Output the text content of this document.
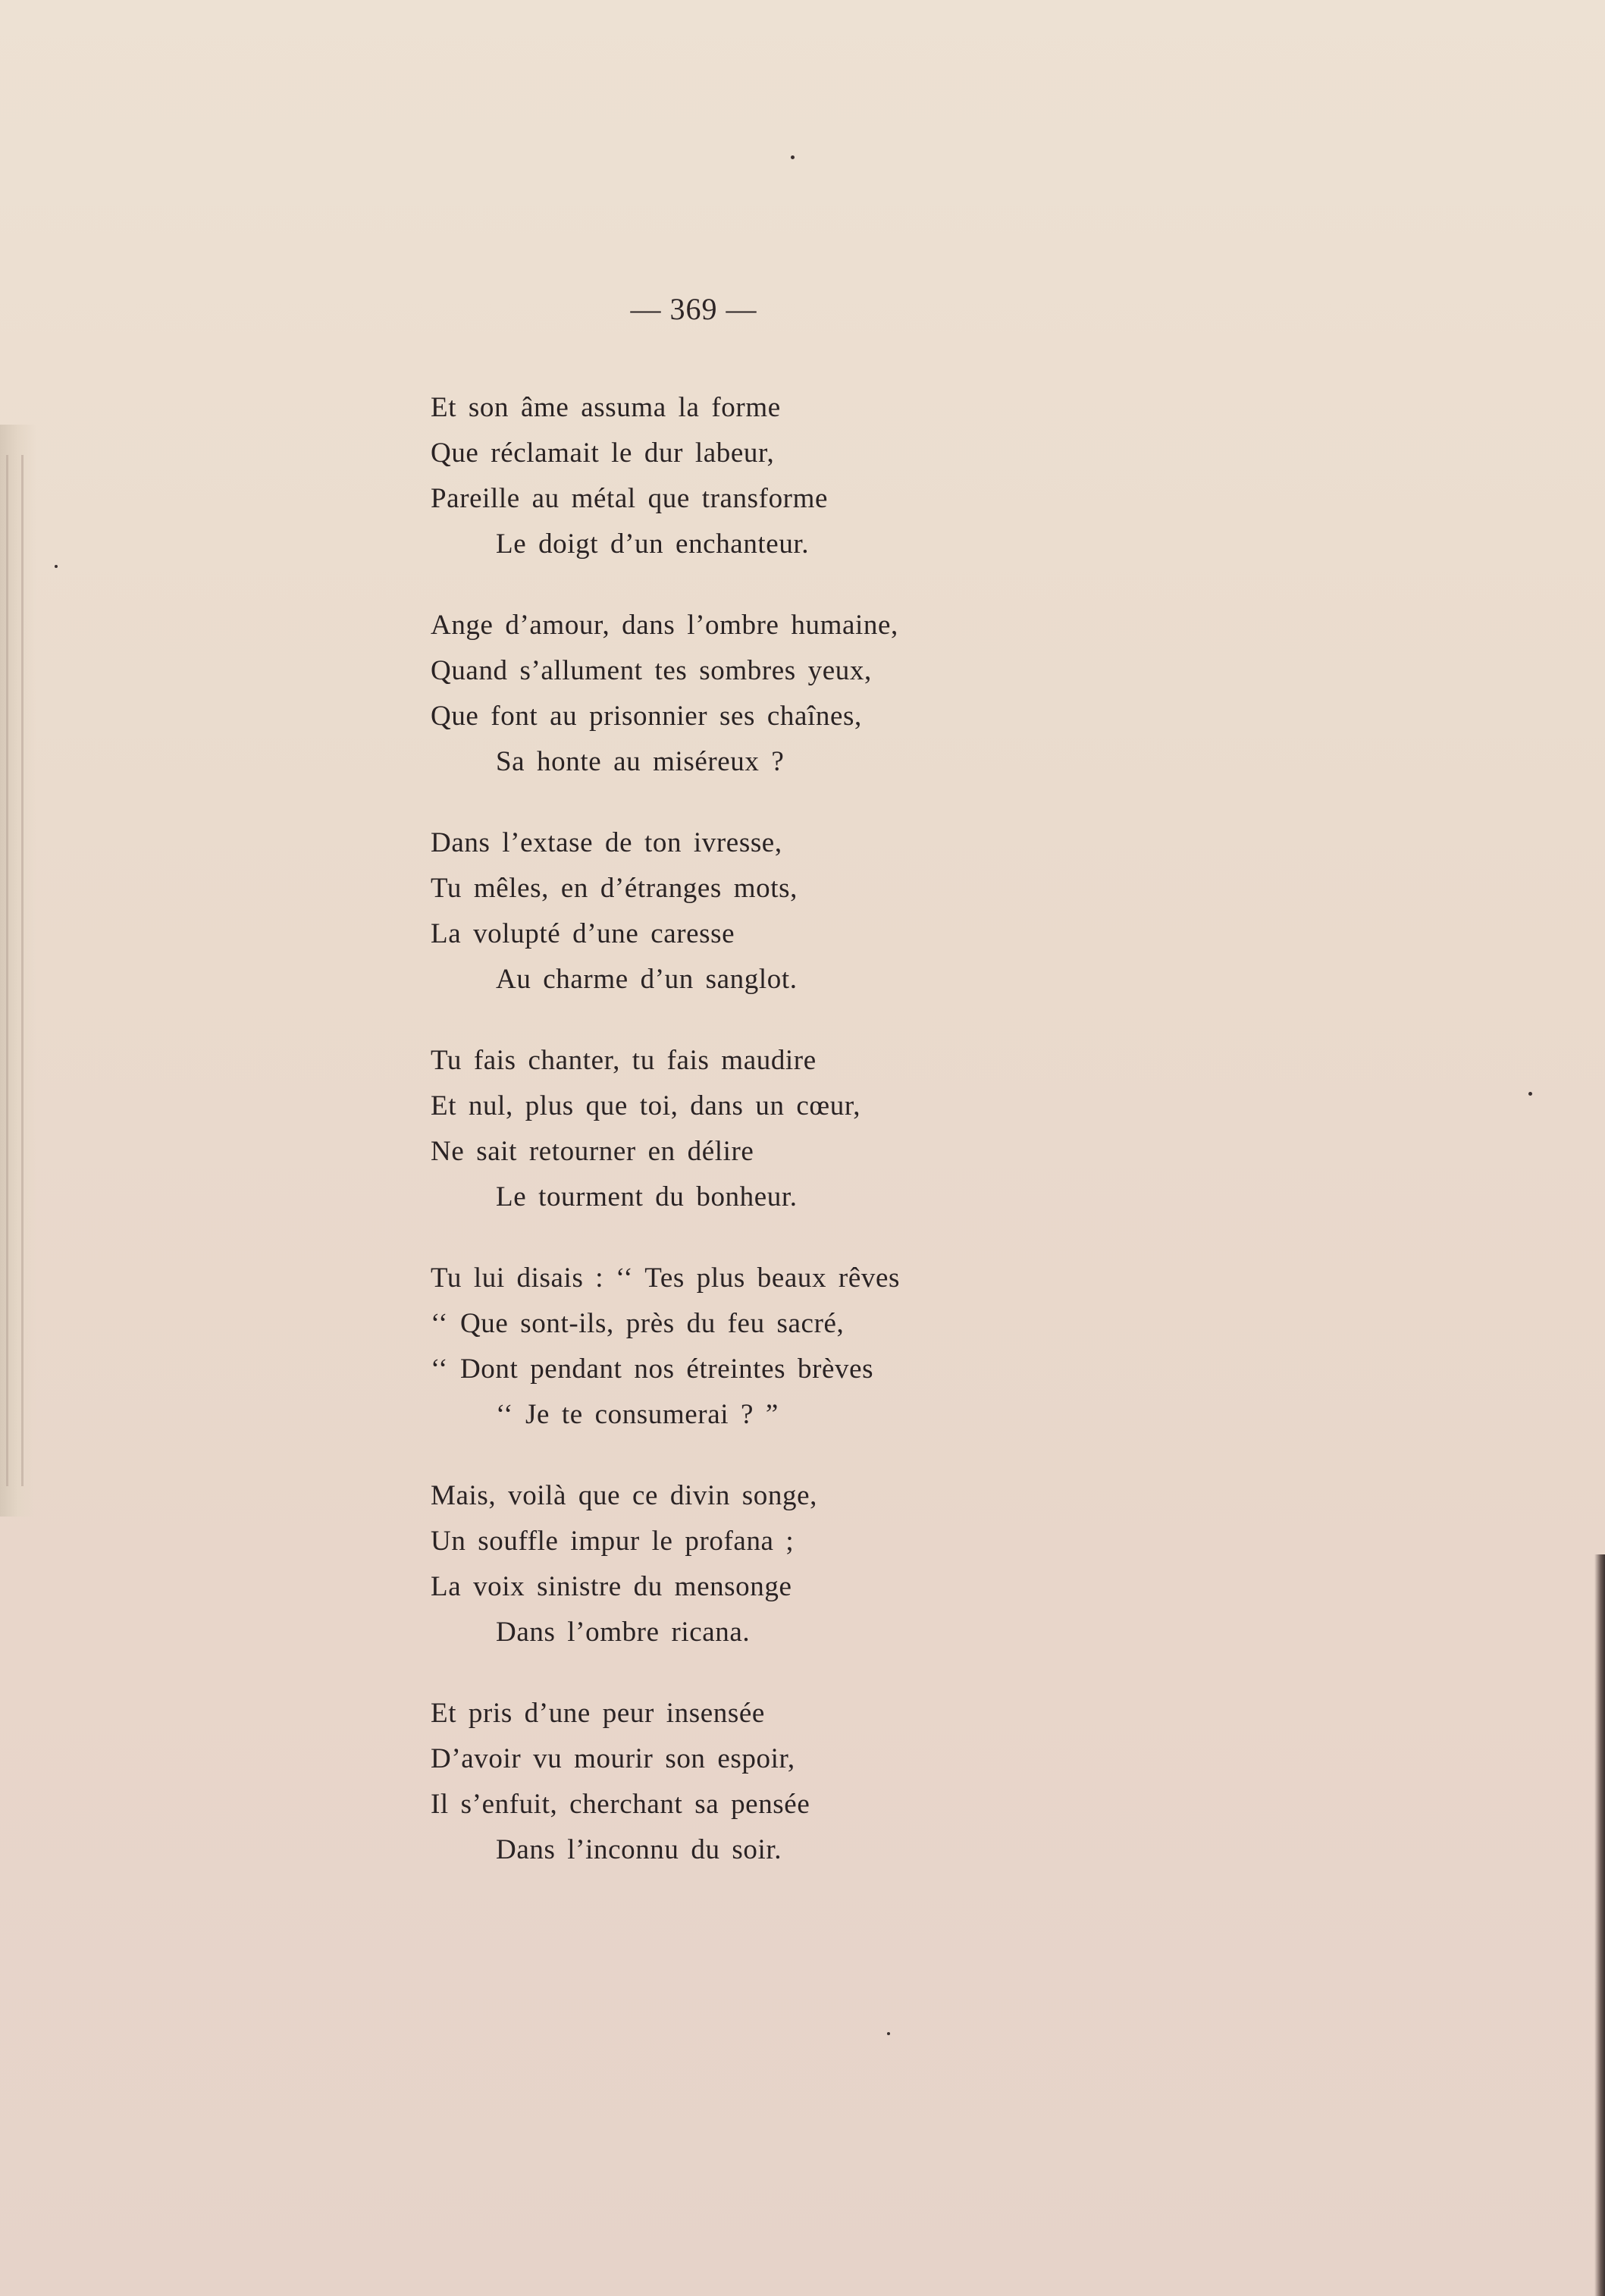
— 369 —
Et son âme assuma la forme
Que réclamait le dur labeur,
Pareille au métal que transforme
Le doigt d’un enchanteur.
Ange d’amour, dans l’ombre humaine,
Quand s’allument tes sombres yeux,
Que font au prisonnier ses chaînes,
Sa honte au miséreux ?
Dans l’extase de ton ivresse,
Tu mêles, en d’étranges mots,
La volupté d’une caresse
Au charme d’un sanglot.
Tu fais chanter, tu fais maudire
Et nul, plus que toi, dans un cœur,
Ne sait retourner en délire
Le tourment du bonheur.
Tu lui disais : ‘‘ Tes plus beaux rêves
‘‘ Que sont-ils, près du feu sacré,
‘‘ Dont pendant nos étreintes brèves
‘‘ Je te consumerai ? ”
Mais, voilà que ce divin songe,
Un souffle impur le profana ;
La voix sinistre du mensonge
Dans l’ombre ricana.
Et pris d’une peur insensée
D’avoir vu mourir son espoir,
Il s’enfuit, cherchant sa pensée
Dans l’inconnu du soir.
